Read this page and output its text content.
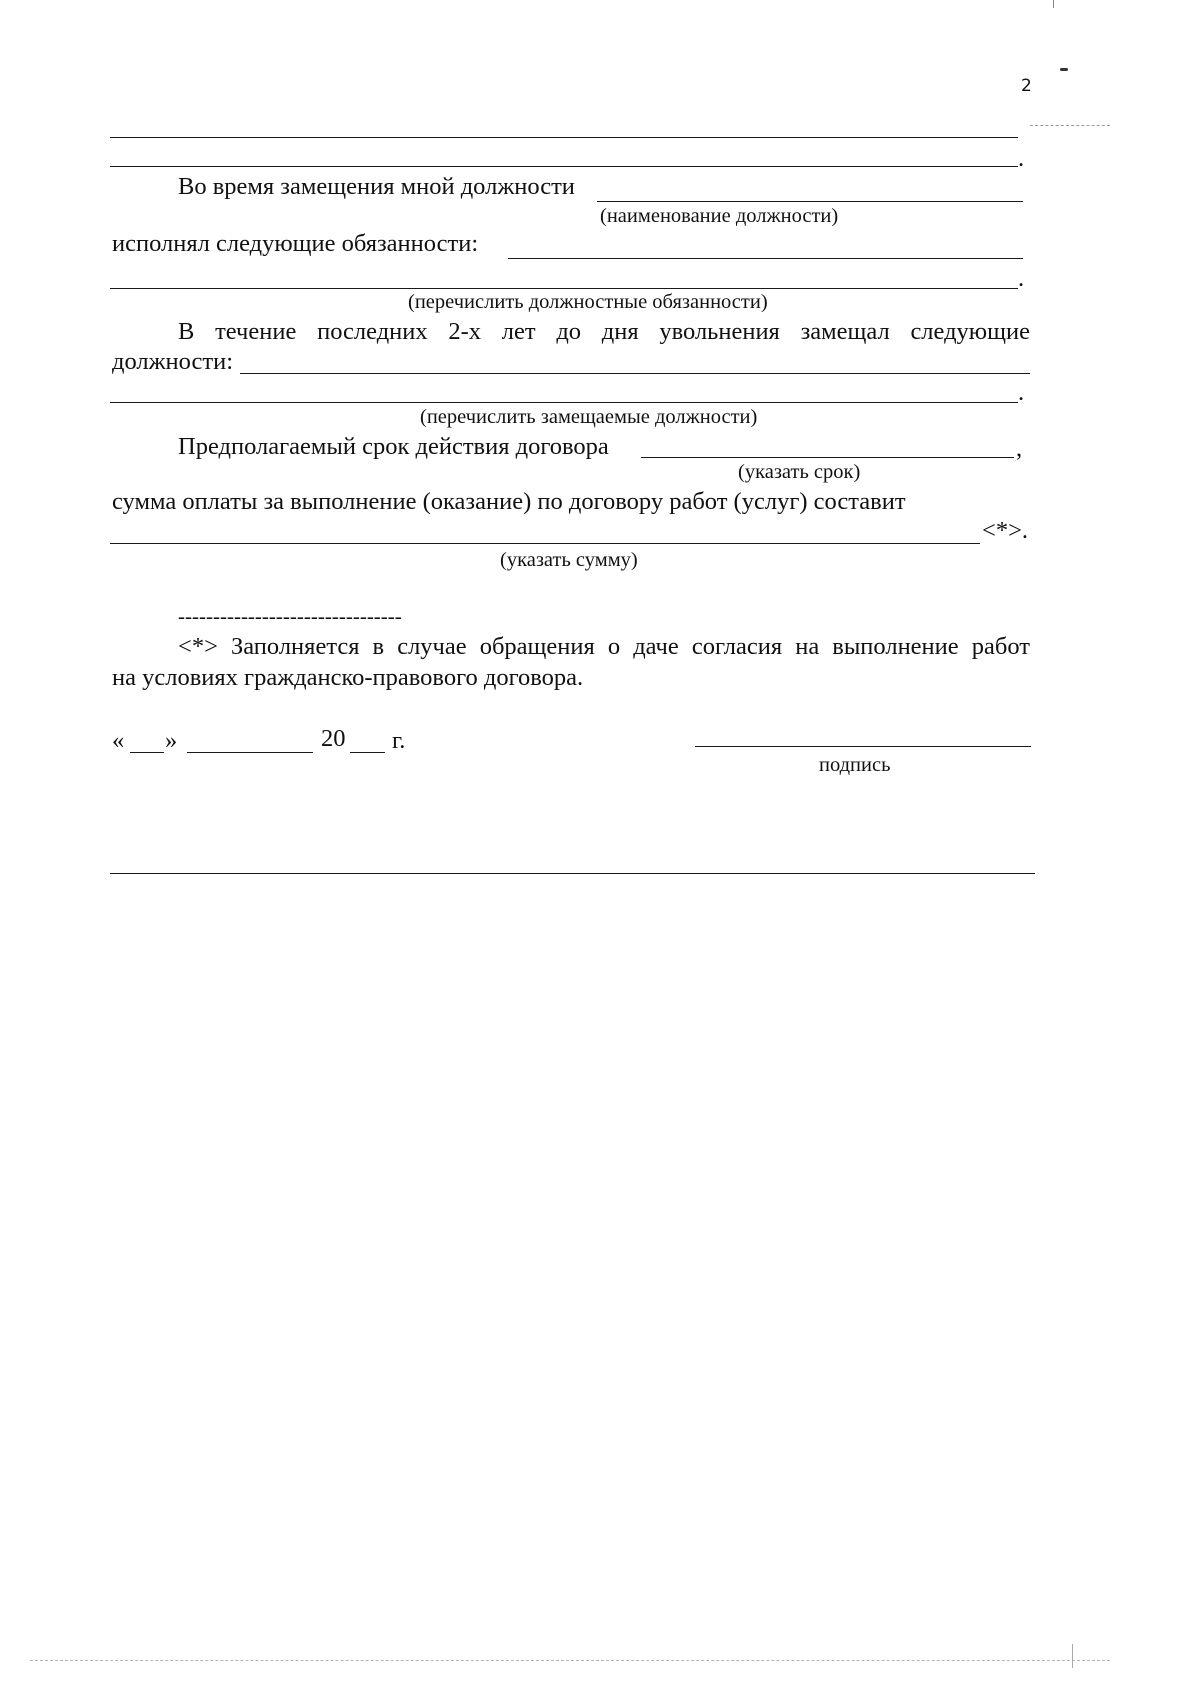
2
.
Во время замещения мной должности
(наименование должности)
исполнял следующие обязанности:
.
(перечислить должностные обязанности)
В течение последних 2-х лет до дня увольнения замещал следующие
должности:
.
(перечислить замещаемые должности)
Предполагаемый срок действия договора	,
(указать срок)
сумма оплаты за выполнение (оказание) по договору работ (услуг) составит
<*>.
(указать сумму)
--------------------------------
<*> Заполняется в случае обращения о даче согласия на выполнение работ
на условиях гражданско-правового договора.
« »	20 г.
подпись
